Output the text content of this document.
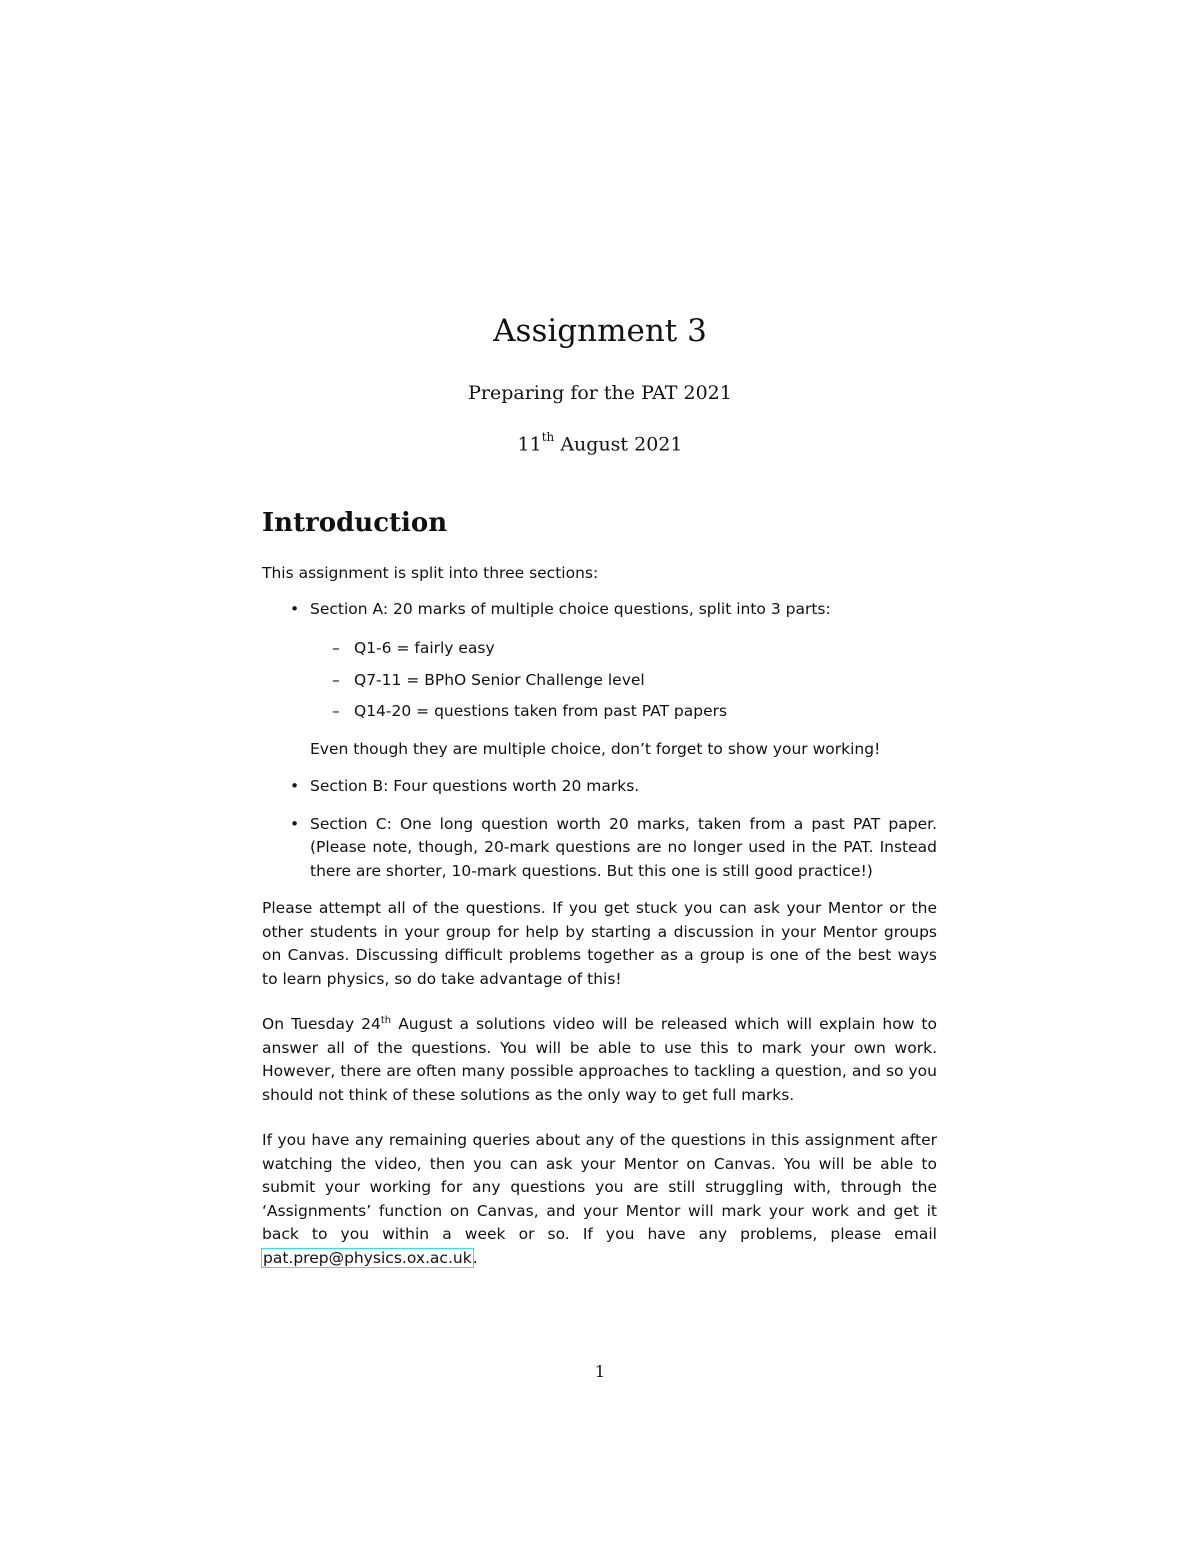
Assignment 3
Preparing for the PAT 2021
11th August 2021
Introduction

This assignment is split into three sections:

• Section A: 20 marks of multiple choice questions, split into 3 parts:
– Q1-6 = fairly easy
– Q7-11 = BPhO Senior Challenge level
– Q14-20 = questions taken from past PAT papers

Even though they are multiple choice, don’t forget to show your working!

• Section B: Four questions worth 20 marks.
• Section C: One long question worth 20 marks, taken from a past PAT paper. (Please note, though, 20-mark questions are no longer used in the PAT. Instead there are shorter, 10-mark questions. But this one is still good practice!)

Please attempt all of the questions. If you get stuck you can ask your Mentor or the other students in your group for help by starting a discussion in your Mentor groups on Canvas. Discussing difficult problems together as a group is one of the best ways to learn physics, so do take advantage of this!

On Tuesday 24th August a solutions video will be released which will explain how to answer all of the questions. You will be able to use this to mark your own work. However, there are often many possible approaches to tackling a question, and so you should not think of these solutions as the only way to get full marks.

If you have any remaining queries about any of the questions in this assignment after watching the video, then you can ask your Mentor on Canvas. You will be able to submit your working for any questions you are still struggling with, through the ‘Assignments’ function on Canvas, and your Mentor will mark your work and get it back to you within a week or so. If you have any problems, please email pat.prep@physics.ox.ac.uk.

1
